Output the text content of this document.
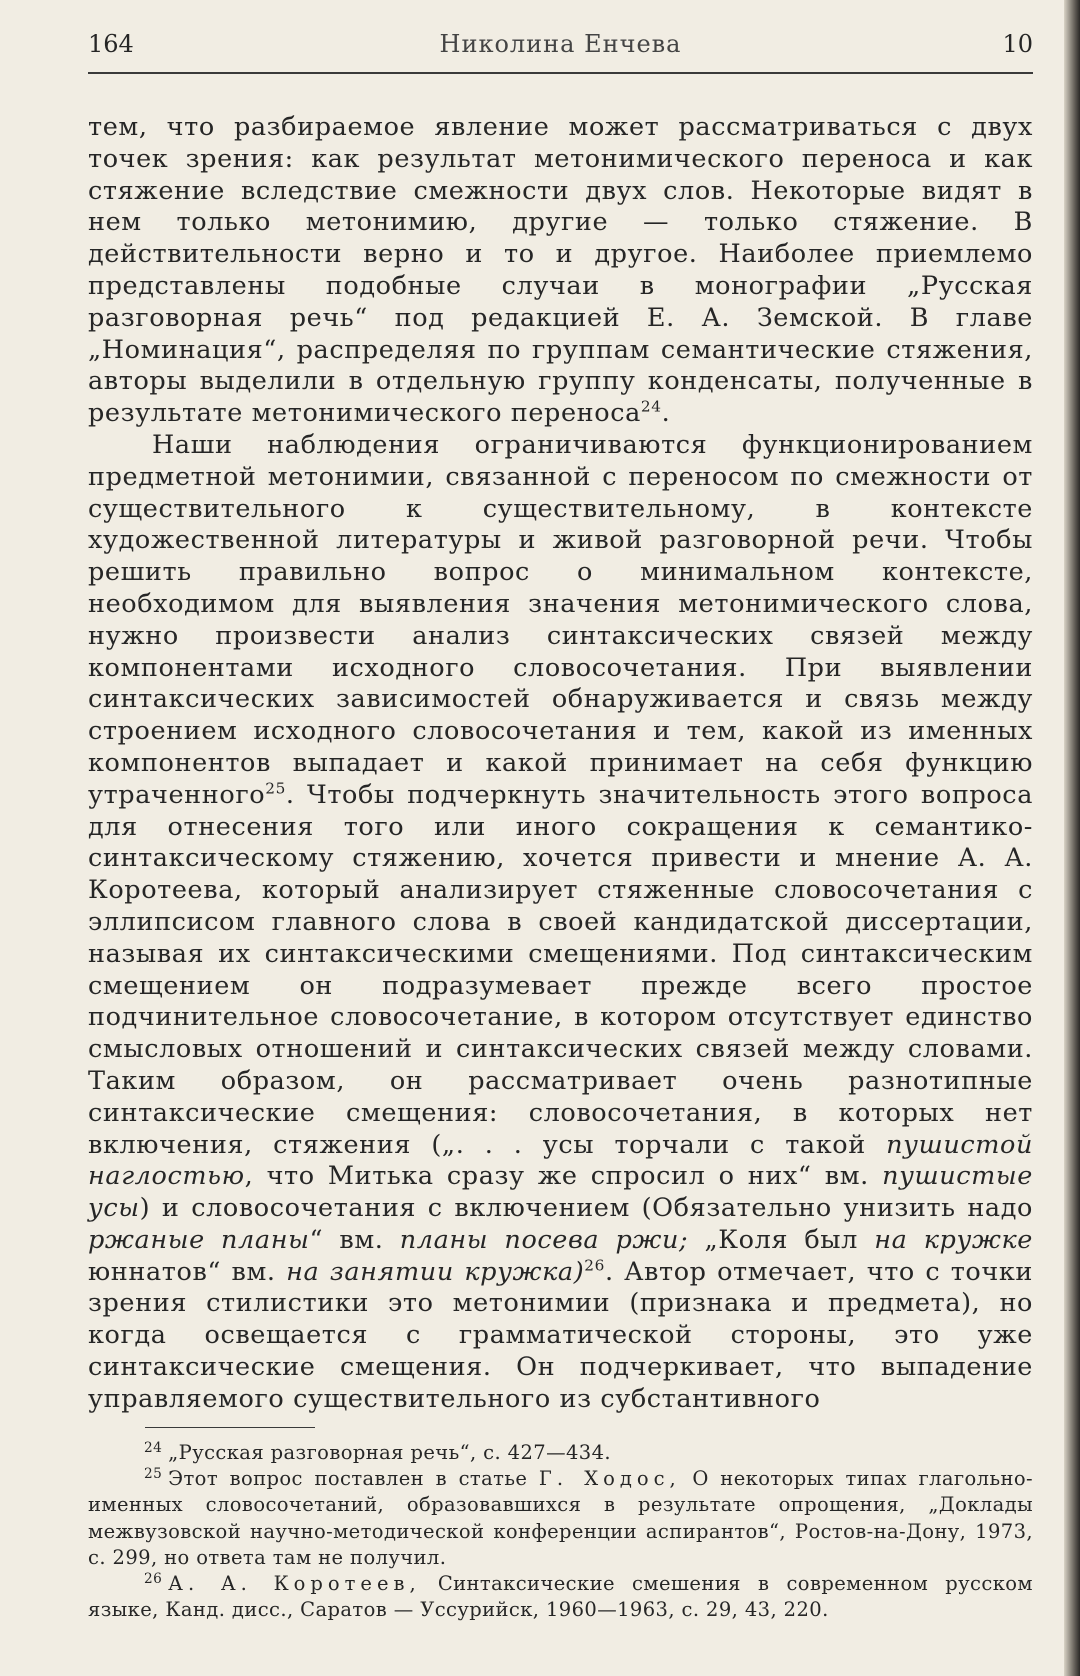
164	Николина Енчева	10

тем, что разбираемое явление может рассматриваться с двух точек зрения: как результат метонимического переноса и как стяжение вследствие смежности двух слов. Некоторые видят в нем только метонимию, другие — только стяжение. В действительности верно и то и другое. Наиболее приемлемо представлены подобные случаи в монографии „Русская разговорная речь“ под редакцией Е. А. Земской. В главе „Номинация“, распределяя по группам семантические стяжения, авторы выделили в отдельную группу конденсаты, полученные в результате метонимического переноса$^{24}$.

Наши наблюдения ограничиваются функционированием предметной метонимии, связанной с переносом по смежности от существительного к существительному, в контексте художественной литературы и живой разговорной речи. Чтобы решить правильно вопрос о минимальном контексте, необходимом для выявления значения метонимического слова, нужно произвести анализ синтаксических связей между компонентами исходного словосочетания. При выявлении синтаксических зависимостей обнаруживается и связь между строением исходного словосочетания и тем, какой из именных компонентов выпадает и какой принимает на себя функцию утраченного$^{25}$. Чтобы подчеркнуть значительность этого вопроса для отнесения того или иного сокращения к семантико-синтаксическому стяжению, хочется привести и мнение А. А. Коротеева, который анализирует стяженные словосочетания с эллипсисом главного слова в своей кандидатской диссертации, называя их синтаксическими смещениями. Под синтаксическим смещением он подразумевает прежде всего простое подчинительное словосочетание, в котором отсутствует единство смысловых отношений и синтаксических связей между словами. Таким образом, он рассматривает очень разнотипные синтаксические смещения: словосочетания, в которых нет включения, стяжения („. . . усы торчали с такой пушистой наглостью, что Митька сразу же спросил о них“ вм. пушистые усы) и словосочетания с включением (Обязательно унизить надо ржаные планы“ вм. планы посева ржи; „Коля был на кружке юннатов“ вм. на занятии кружка)$^{26}$. Автор отмечает, что с точки зрения стилистики это метонимии (признака и предмета), но когда освещается с грамматической стороны, это уже синтаксические смещения. Он подчеркивает, что выпадение управляемого существительного из субстантивного

$^{24}$ „Русская разговорная речь“, с. 427—434.

$^{25}$ Этот вопрос поставлен в статье Г. Ходос, О некоторых типах глагольно-именных словосочетаний, образовавшихся в результате опрощения, „Доклады межвузовской научно-методической конференции аспирантов“, Ростов-на-Дону, 1973, с. 299, но ответа там не получил.

$^{26}$ А. А. Коротеев, Синтаксические смешения в современном русском языке, Канд. дисс., Саратов — Уссурийск, 1960—1963, с. 29, 43, 220.
